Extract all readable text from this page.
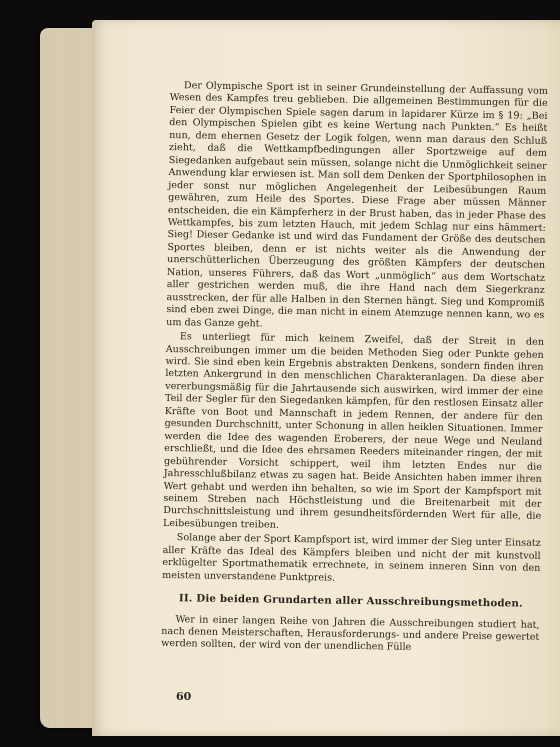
Der Olympische Sport ist in seiner Grundeinstellung der Auffassung vom Wesen des Kampfes treu geblieben. Die allgemeinen Bestimmungen für die Feier der Olympischen Spiele sagen darum in lapidarer Kürze im § 19: „Bei den Olympischen Spielen gibt es keine Wertung nach Punkten.“ Es heißt nun, dem ehernen Gesetz der Logik folgen, wenn man daraus den Schluß zieht, daß die Wettkampfbedingungen aller Sportzweige auf dem Siegedanken aufgebaut sein müssen, solange nicht die Unmöglichkeit seiner Anwendung klar erwiesen ist. Man soll dem Denken der Sportphilosophen in jeder sonst nur möglichen Angelegenheit der Leibesübungen Raum gewähren, zum Heile des Sportes. Diese Frage aber müssen Männer entscheiden, die ein Kämpferherz in der Brust haben, das in jeder Phase des Wettkampfes, bis zum letzten Hauch, mit jedem Schlag nur eins hämmert: Sieg! Dieser Gedanke ist und wird das Fundament der Größe des deutschen Sportes bleiben, denn er ist nichts weiter als die Anwendung der unerschütterlichen Überzeugung des größten Kämpfers der deutschen Nation, unseres Führers, daß das Wort „unmöglich“ aus dem Wortschatz aller gestrichen werden muß, die ihre Hand nach dem Siegerkranz ausstrecken, der für alle Halben in den Sternen hängt. Sieg und Kompromiß sind eben zwei Dinge, die man nicht in einem Atemzuge nennen kann, wo es um das Ganze geht.

Es unterliegt für mich keinem Zweifel, daß der Streit in den Ausschreibungen immer um die beiden Methoden Sieg oder Punkte gehen wird. Sie sind eben kein Ergebnis abstrakten Denkens, sondern finden ihren letzten Ankergrund in den menschlichen Charakteranlagen. Da diese aber vererbungsmäßig für die Jahrtausende sich auswirken, wird immer der eine Teil der Segler für den Siegedanken kämpfen, für den restlosen Einsatz aller Kräfte von Boot und Mannschaft in jedem Rennen, der andere für den gesunden Durchschnitt, unter Schonung in allen heiklen Situationen. Immer werden die Idee des wagenden Eroberers, der neue Wege und Neuland erschließt, und die Idee des ehrsamen Reeders miteinander ringen, der mit gebührender Vorsicht schippert, weil ihm letzten Endes nur die Jahresschlußbilanz etwas zu sagen hat. Beide Ansichten haben immer ihren Wert gehabt und werden ihn behalten, so wie im Sport der Kampfsport mit seinem Streben nach Höchstleistung und die Breitenarbeit mit der Durchschnittsleistung und ihrem gesundheitsfördernden Wert für alle, die Leibesübungen treiben.

Solange aber der Sport Kampfsport ist, wird immer der Sieg unter Einsatz aller Kräfte das Ideal des Kämpfers bleiben und nicht der mit kunstvoll erklügelter Sportmathematik errechnete, in seinem inneren Sinn von den meisten unverstandene Punktpreis.

II. Die beiden Grundarten aller Ausschreibungsmethoden.

Wer in einer langen Reihe von Jahren die Ausschreibungen studiert hat, nach denen Meisterschaften, Herausforderungs- und andere Preise gewertet werden sollten, der wird von der unendlichen Fülle

60
